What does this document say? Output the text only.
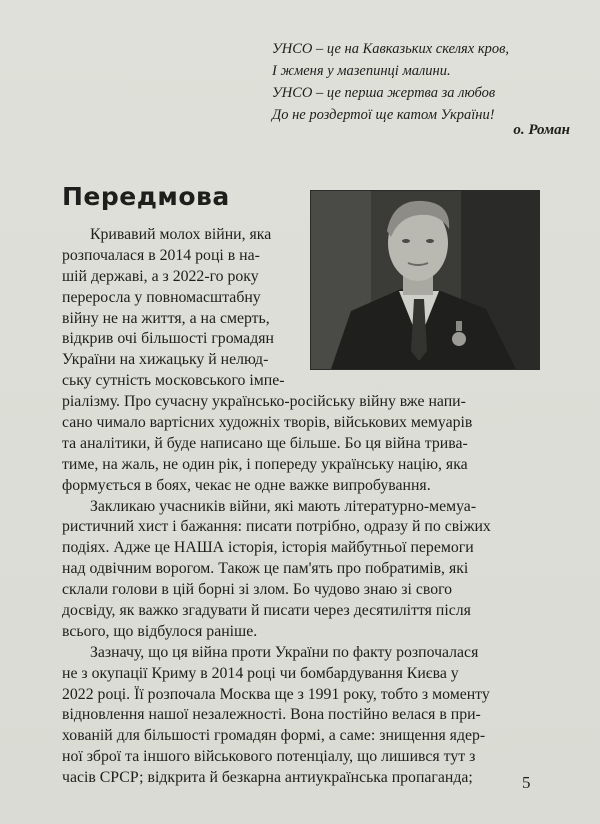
УНСО – це на Кавказьких скелях кров,
І жменя у мазепинці малини.
УНСО – це перша жертва за любов
До не роздертої ще катом України!
о. Роман
Передмова
Кривавий молох війни, яка
розпочалася в 2014 році в на-
шій державі, а з 2022-го року
переросла у повномасштабну
війну не на життя, а на смерть,
відкрив очі більшості громадян
України на хижацьку й нелюд-
ську сутність московського імпе-
ріалізму. Про сучасну українсько-російську війну вже напи-
сано чимало вартісних художніх творів, військових мемуарів
та аналітики, й буде написано ще більше. Бо ця війна трива-
тиме, на жаль, не один рік, і попереду українську націю, яка
формується в боях, чекає не одне важке випробування.
Закликаю учасників війни, які мають літературно-мемуа-
ристичний хист і бажання: писати потрібно, одразу й по свіжих
подіях. Адже це НАША історія, історія майбутньої перемоги
над одвічним ворогом. Також це пам'ять про побратимів, які
склали голови в цій борні зі злом. Бо чудово знаю зі свого
досвіду, як важко згадувати й писати через десятиліття після
всього, що відбулося раніше.
Зазначу, що ця війна проти України по факту розпочалася
не з окупації Криму в 2014 році чи бомбардування Києва у
2022 році. Її розпочала Москва ще з 1991 року, тобто з моменту
відновлення нашої незалежності. Вона постійно велася в при-
хованій для більшості громадян формі, а саме: знищення ядер-
ної зброї та іншого військового потенціалу, що лишився тут з
часів СРСР; відкрита й безкарна антиукраїнська пропаганда;	5
